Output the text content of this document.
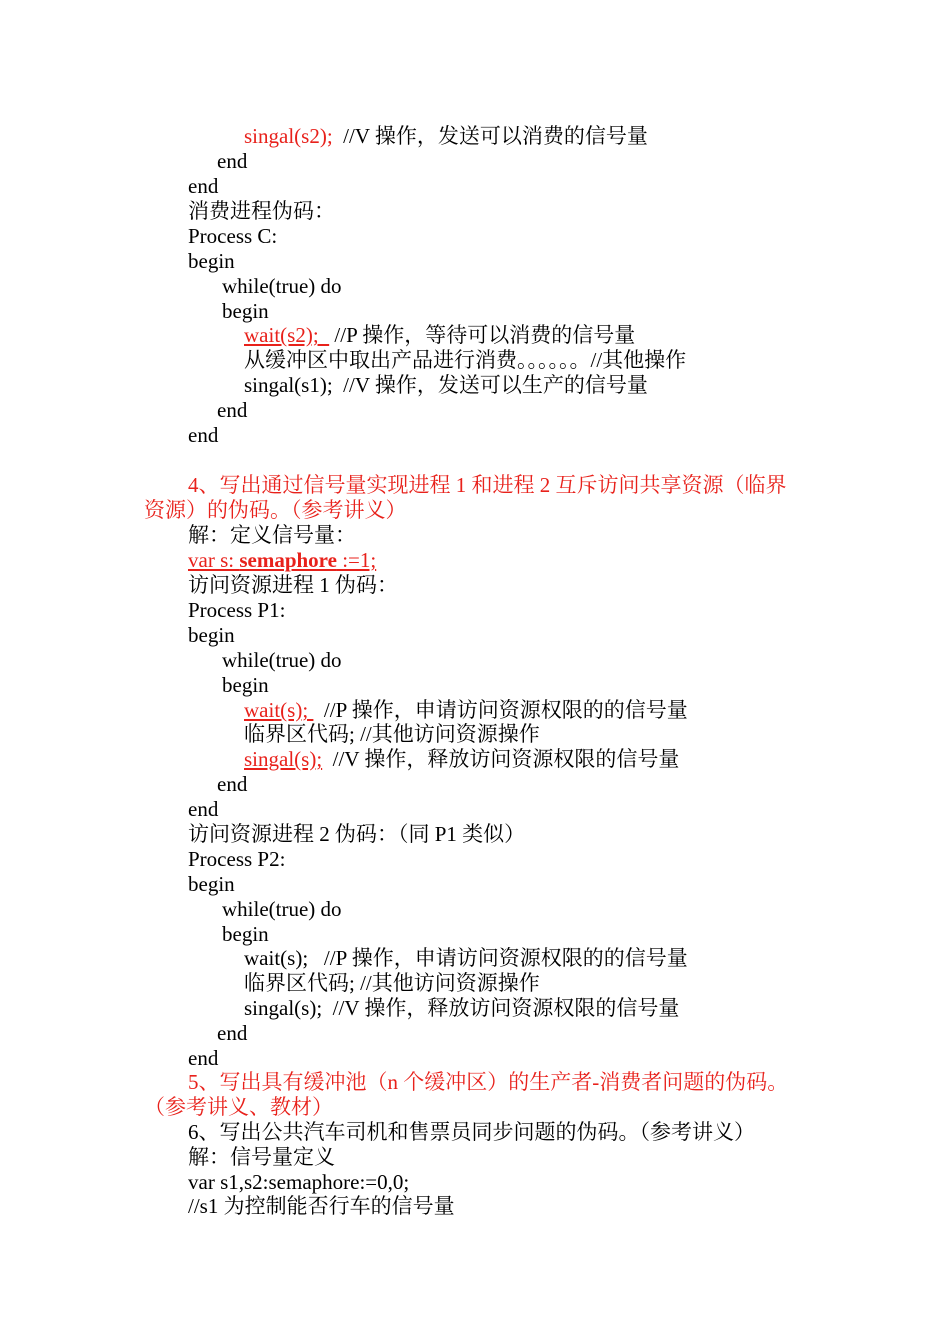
singal(s2);  //V 操作，发送可以消费的信号量
end
end
消费进程伪码：
Process C:
begin
while(true) do
begin
wait(s2);   //P 操作，等待可以消费的信号量
从缓冲区中取出产品进行消费。。。。。。//其他操作
singal(s1);  //V 操作，发送可以生产的信号量
end
end
4、写出通过信号量实现进程 1 和进程 2 互斥访问共享资源（临界
资源）的伪码。（参考讲义）
解：定义信号量：
var s: semaphore :=1;
访问资源进程 1 伪码：
Process P1:
begin
while(true) do
begin
wait(s);   //P 操作，申请访问资源权限的的信号量
临界区代码; //其他访问资源操作
singal(s);  //V 操作，释放访问资源权限的信号量
end
end
访问资源进程 2 伪码：（同 P1 类似）
Process P2:
begin
while(true) do
begin
wait(s);   //P 操作，申请访问资源权限的的信号量
临界区代码; //其他访问资源操作
singal(s);  //V 操作，释放访问资源权限的信号量
end
end
5、写出具有缓冲池（n 个缓冲区）的生产者-消费者问题的伪码。
（参考讲义、教材）
6、写出公共汽车司机和售票员同步问题的伪码。（参考讲义）
解：信号量定义
var s1,s2:semaphore:=0,0;
//s1 为控制能否行车的信号量
